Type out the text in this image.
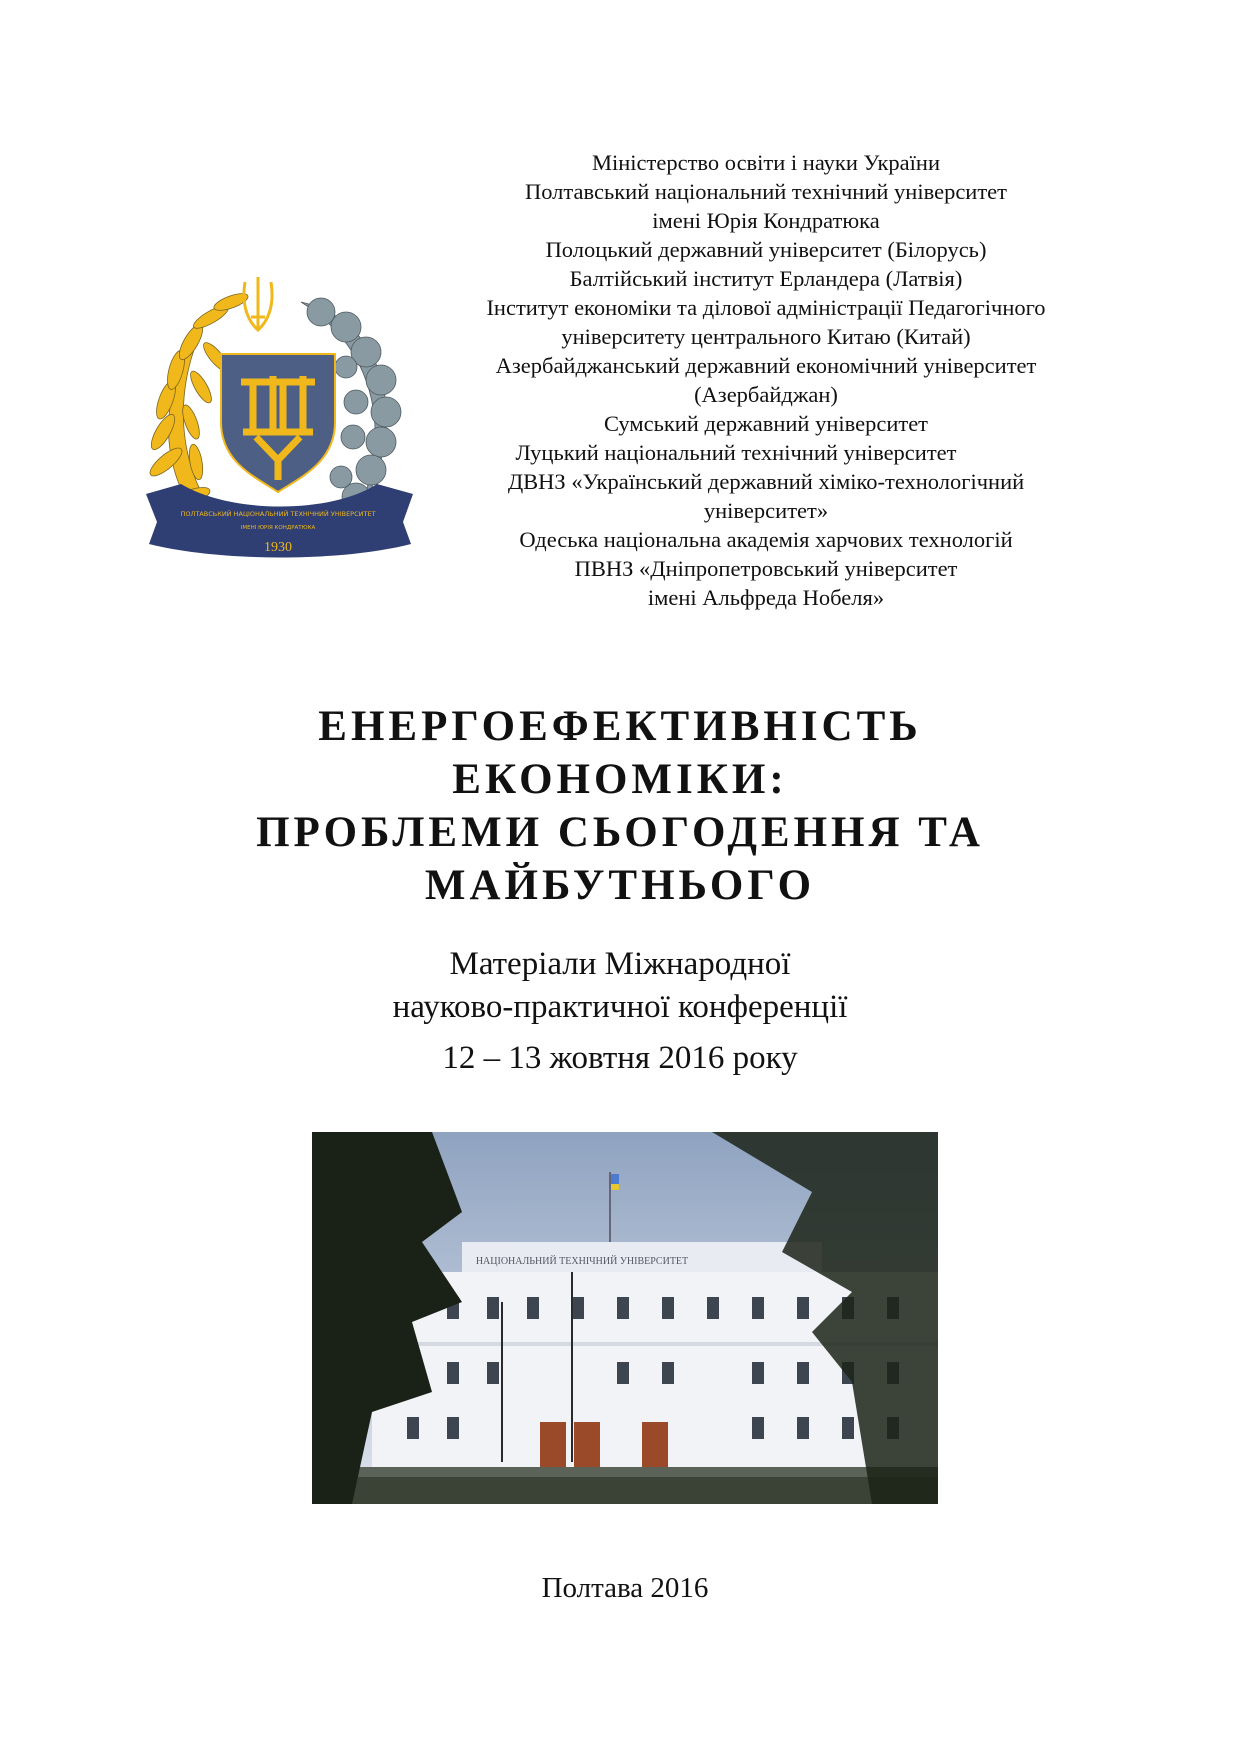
ПОЛТАВСЬКИЙ НАЦІОНАЛЬНИЙ ТЕХНІЧНИЙ УНІВЕРСИТЕТ
ІМЕНІ ЮРІЯ КОНДРАТЮКА
1930
Міністерство освіти і науки України
Полтавський національний технічний університет
імені Юрія Кондратюка
Полоцький державний університет (Білорусь)
Балтійський інститут Ерландера (Латвія)
Інститут економіки та ділової адміністрації Педагогічного
університету центрального Китаю (Китай)
Азербайджанський державний економічний університет
(Азербайджан)
Сумський державний університет
Луцький національний технічний університет
ДВНЗ «Український державний хіміко-технологічний
університет»
Одеська національна академія харчових технологій
ПВНЗ «Дніпропетровський університет
імені Альфреда Нобеля»
ЕНЕРГОЕФЕКТИВНІСТЬ
ЕКОНОМІКИ:
ПРОБЛЕМИ СЬОГОДЕННЯ ТА
МАЙБУТНЬОГО
Матеріали Міжнародної
науково-практичної конференції
12 – 13 жовтня 2016 року
НАЦІОНАЛЬНИЙ ТЕХНІЧНИЙ УНІВЕРСИТЕТ
Полтава 2016
